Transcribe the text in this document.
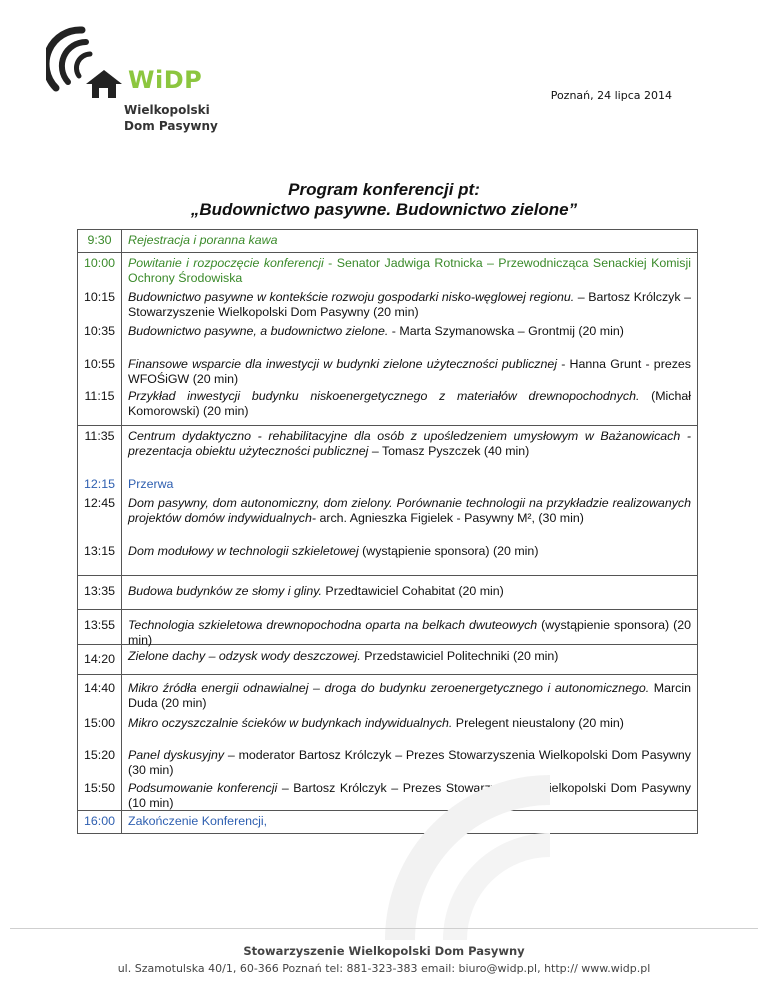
WiDP
Wielkopolski
Dom Pasywny
Poznań, 24 lipca 2014
Program konferencji pt:
„Budownictwo pasywne. Budownictwo zielone”
9:30	Rejestracja i poranna kawa
10:00	Powitanie i rozpoczęcie konferencji - Senator Jadwiga Rotnicka – Przewodnicząca Senackiej Komisji Ochrony Środowiska
10:15	Budownictwo pasywne w kontekście rozwoju gospodarki nisko-węglowej regionu. – Bartosz Królczyk – Stowarzyszenie Wielkopolski Dom Pasywny (20 min)
10:35	Budownictwo pasywne, a budownictwo zielone. - Marta Szymanowska – Grontmij (20 min)
10:55	Finansowe wsparcie dla inwestycji w budynki zielone użyteczności publicznej - Hanna Grunt - prezes WFOŚiGW (20 min)
11:15	Przykład inwestycji budynku niskoenergetycznego z materiałów drewnopochodnych. (Michał Komorowski) (20 min)
11:35	Centrum dydaktyczno - rehabilitacyjne dla osób z upośledzeniem umysłowym w Bażanowicach - prezentacja obiektu użyteczności publicznej – Tomasz Pyszczek (40 min)
12:15	Przerwa
12:45	Dom pasywny, dom autonomiczny, dom zielony. Porównanie technologii na przykładzie realizowanych projektów domów indywidualnych- arch. Agnieszka Figielek - Pasywny M², (30 min)
13:15	Dom modułowy w technologii szkieletowej (wystąpienie sponsora) (20 min)
13:35	Budowa budynków ze słomy i gliny. Przedtawiciel Cohabitat (20 min)
13:55	Technologia szkieletowa drewnopochodna oparta na belkach dwuteowych (wystąpienie sponsora) (20 min)
14:20	Zielone dachy – odzysk wody deszczowej. Przedstawiciel Politechniki (20 min)
14:40	Mikro źródła energii odnawialnej – droga do budynku zeroenergetycznego i autonomicznego. Marcin Duda (20 min)
15:00	Mikro oczyszczalnie ścieków w budynkach indywidualnych. Prelegent nieustalony (20 min)
15:20	Panel dyskusyjny – moderator Bartosz Królczyk – Prezes Stowarzyszenia Wielkopolski Dom Pasywny (30 min)
15:50	Podsumowanie konferencji – Bartosz Królczyk – Prezes Stowarzyszenia Wielkopolski Dom Pasywny (10 min)
16:00	Zakończenie Konferencji,
Stowarzyszenie Wielkopolski Dom Pasywny
ul. Szamotulska 40/1, 60-366 Poznań tel: 881-323-383 email: biuro@widp.pl, http:// www.widp.pl
